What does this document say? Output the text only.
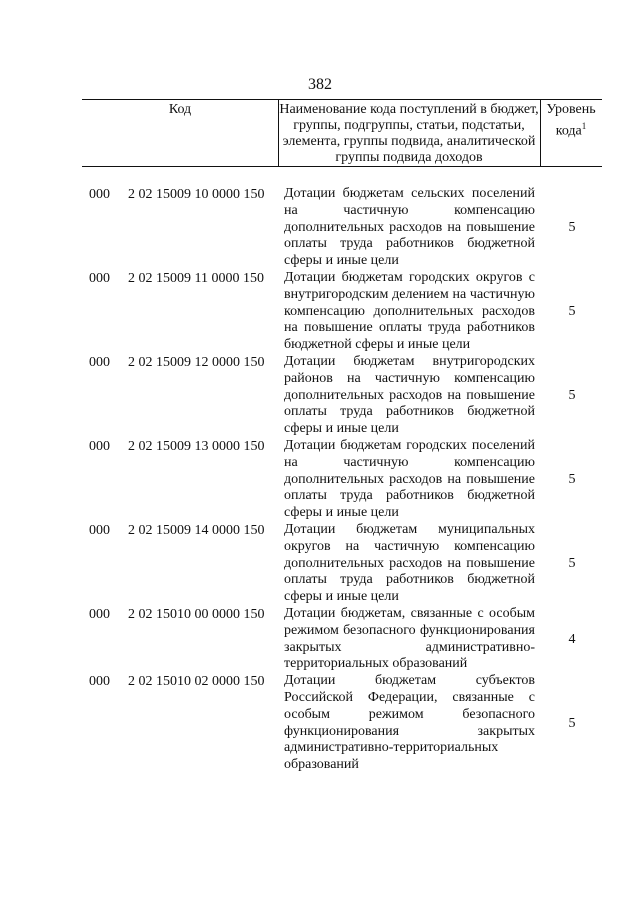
382
Код	Наименование кода поступлений в бюджет, группы, подгруппы, статьи, подстатьи, элемента, группы подвида, аналитической группы подвида доходов
Уровень кода$^1$
000 2 02 15009 10 0000 150 Дотации бюджетам сельских поселений на частичную компенсацию дополнительных расходов на повышение оплаты труда работников бюджетной сферы и иные цели
5
000 2 02 15009 11 0000 150 Дотации бюджетам городских округов с внутригородским делением на частичную компенсацию дополнительных расходов на повышение оплаты труда работников бюджетной сферы и иные цели
5
000 2 02 15009 12 0000 150 Дотации бюджетам внутригородских районов на частичную компенсацию дополнительных расходов на повышение оплаты труда работников бюджетной сферы и иные цели
5
000 2 02 15009 13 0000 150 Дотации бюджетам городских поселений на частичную компенсацию дополнительных расходов на повышение оплаты труда работников бюджетной сферы и иные цели
5
000 2 02 15009 14 0000 150 Дотации бюджетам муниципальных округов на частичную компенсацию дополнительных расходов на повышение оплаты труда работников бюджетной сферы и иные цели
5
000 2 02 15010 00 0000 150 Дотации бюджетам, связанные с особым режимом безопасного функционирования закрытых административно-территориальных образований
4
000 2 02 15010 02 0000 150 Дотации бюджетам субъектов Российской Федерации, связанные с особым режимом безопасного функционирования закрытых административно-территориальных образований
5
